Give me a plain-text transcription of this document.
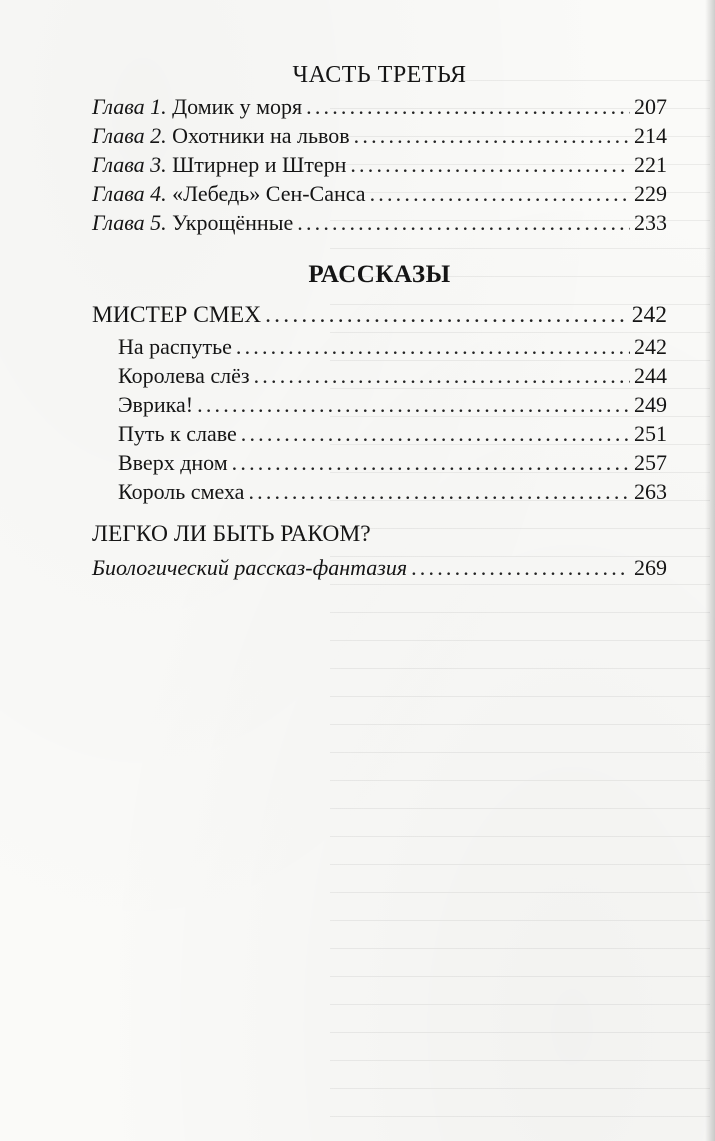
ЧАСТЬ ТРЕТЬЯ
Глава 1. Домик у моря .....	207
Глава 2. Охотники на львов .....	214
Глава 3. Штирнер и Штерн .....	221
Глава 4. «Лебедь» Сен-Санса .....	229
Глава 5. Укрощённые .....	233
РАССКАЗЫ
МИСТЕР СМЕХ .....	242
На распутье .....	242
Королева слёз .....	244
Эврика! .....	249
Путь к славе .....	251
Вверх дном .....	257
Король смеха .....	263
ЛЕГКО ЛИ БЫТЬ РАКОМ?
Биологический рассказ-фантазия .....	269
